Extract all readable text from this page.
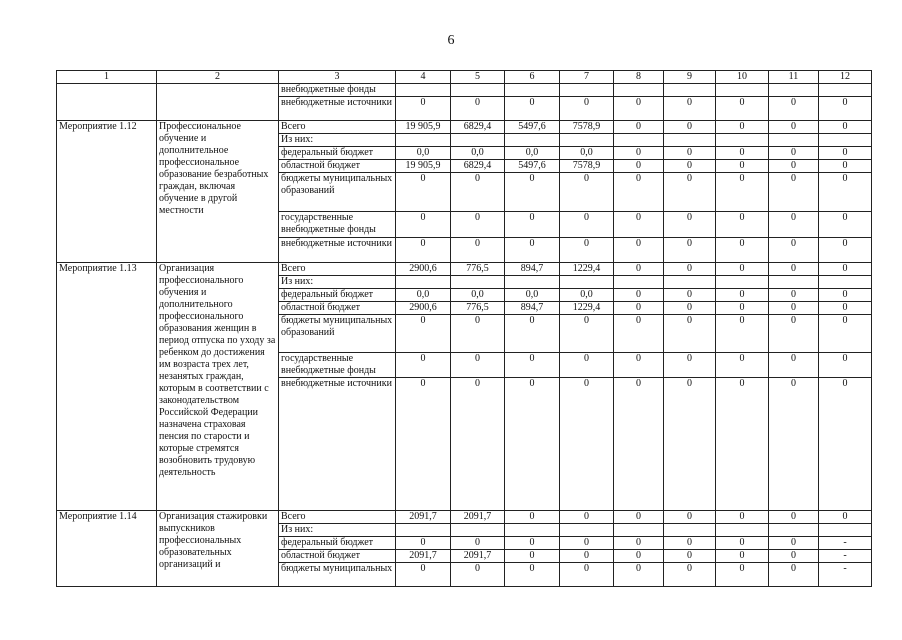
6
1	2	3	4	5	6	7	8	9	10	11	12
		внебюджетные фонды									
		внебюджетные источники	0	0	0	0	0	0	0	0	0
Мероприятие 1.12	Профессиональное обучение и дополнительное профессиональное образование безработных граждан, включая обучение в другой местности	Всего	19 905,9	6829,4	5497,6	7578,9	0	0	0	0	0
		Из них:									
		федеральный бюджет	0,0	0,0	0,0	0,0	0	0	0	0	0
		областной бюджет	19 905,9	6829,4	5497,6	7578,9	0	0	0	0	0
		бюджеты муниципальных образований	0	0	0	0	0	0	0	0	0
		государственные внебюджетные фонды	0	0	0	0	0	0	0	0	0
		внебюджетные источники	0	0	0	0	0	0	0	0	0
Мероприятие 1.13	Организация профессионального обучения и дополнительного профессионального образования женщин в период отпуска по уходу за ребенком до достижения им возраста трех лет, незанятых граждан, которым в соответствии с законодательством Российской Федерации назначена страховая пенсия по старости и которые стремятся возобновить трудовую деятельность	Всего	2900,6	776,5	894,7	1229,4	0	0	0	0	0
		Из них:									
		федеральный бюджет	0,0	0,0	0,0	0,0	0	0	0	0	0
		областной бюджет	2900,6	776,5	894,7	1229,4	0	0	0	0	0
		бюджеты муниципальных образований	0	0	0	0	0	0	0	0	0
		государственные внебюджетные фонды	0	0	0	0	0	0	0	0	0
		внебюджетные источники	0	0	0	0	0	0	0	0	0
Мероприятие 1.14	Организация стажировки выпускников профессиональных образовательных организаций и	Всего	2091,7	2091,7	0	0	0	0	0	0	0
		Из них:									
		федеральный бюджет	0	0	0	0	0	0	0	0	-
		областной бюджет	2091,7	2091,7	0	0	0	0	0	0	-
		бюджеты муниципальных	0	0	0	0	0	0	0	0	-
